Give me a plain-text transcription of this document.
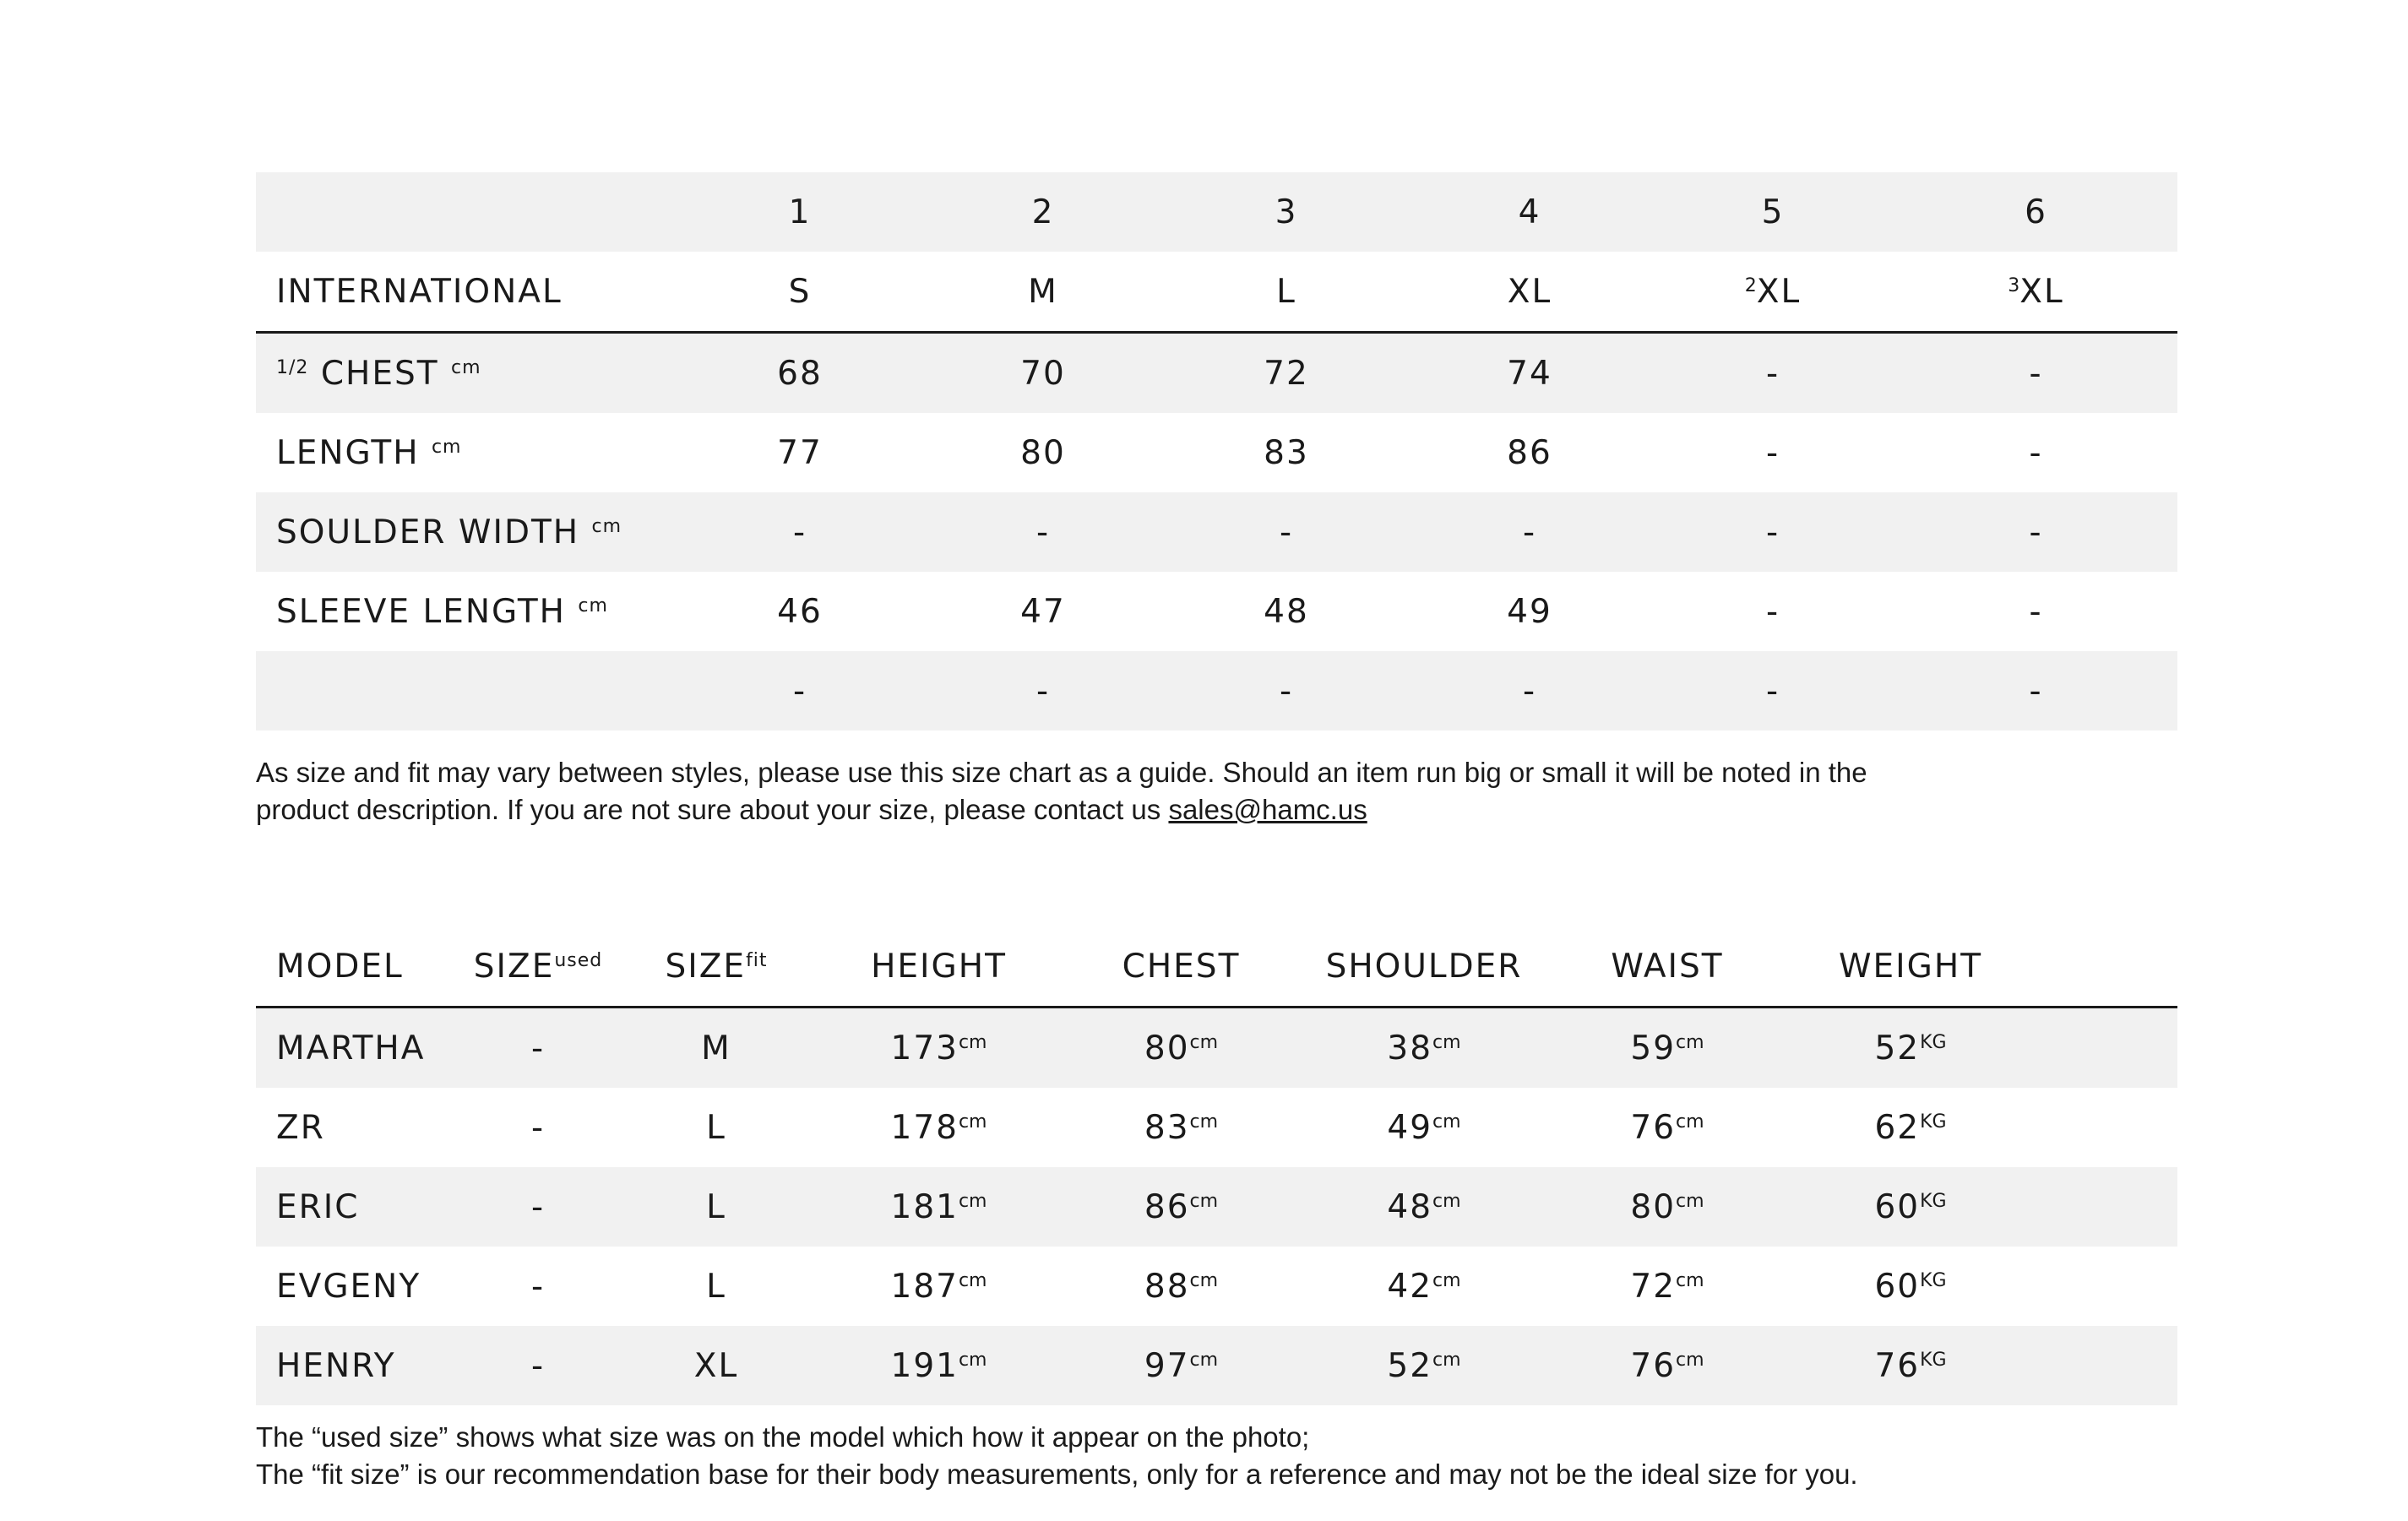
	1	2	3	4	5	6	
INTERNATIONAL	S	M	L	XL	$^2$XL	$^3$XL	
$^{1/2}$ CHEST $^{cm}$	68	70	72	74	-	-	
LENGTH $^{cm}$	77	80	83	86	-	-	
SOULDER WIDTH $^{cm}$	-	-	-	-	-	-	
SLEEVE LENGTH $^{cm}$	46	47	48	49	-	-	
	-	-	-	-	-	-	
As size and fit may vary between styles, please use this size chart as a guide. Should an item run big or small it will be noted in the
product description. If you are not sure about your size, please contact us sales@hamc.us
MODEL	$SIZE^{used}$	$SIZE^{fit}$	HEIGHT	CHEST	SHOULDER	WAIST	WEIGHT	
MARTHA	-	M	$173^{cm}$	$80^{cm}$	$38^{cm}$	$59^{cm}$	$52^{KG}$	
ZR	-	L	$178^{cm}$	$83^{cm}$	$49^{cm}$	$76^{cm}$	$62^{KG}$	
ERIC	-	L	$181^{cm}$	$86^{cm}$	$48^{cm}$	$80^{cm}$	$60^{KG}$	
EVGENY	-	L	$187^{cm}$	$88^{cm}$	$42^{cm}$	$72^{cm}$	$60^{KG}$	
HENRY	-	XL	$191^{cm}$	$97^{cm}$	$52^{cm}$	$76^{cm}$	$76^{KG}$	
The “used size” shows what size was on the model which how it appear on the photo;
The “fit size” is our recommendation base for their body measurements, only for a reference and may not be the ideal size for you.
